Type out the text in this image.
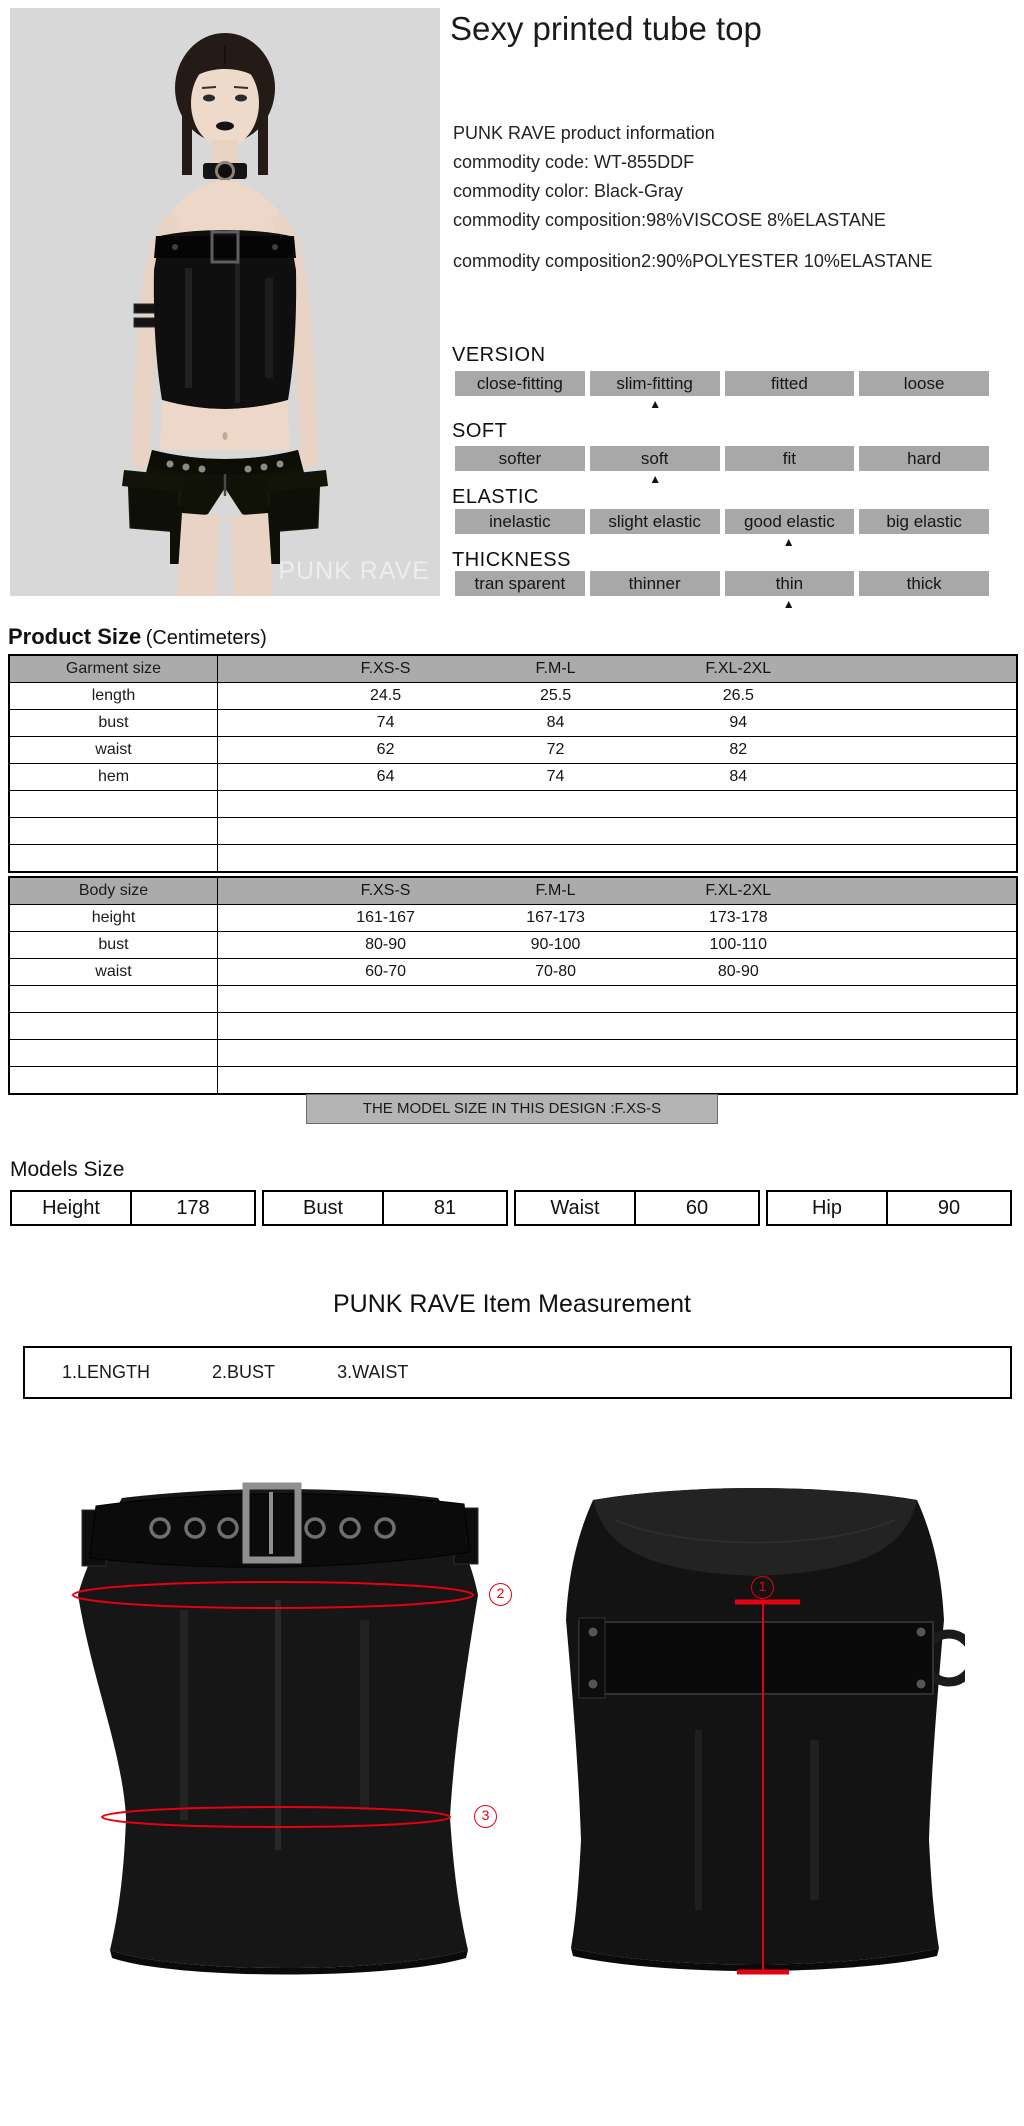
PUNK RAVE
Sexy printed tube top
PUNK RAVE product information
commodity code: WT-855DDF
commodity color: Black-Gray
commodity composition:98%VISCOSE 8%ELASTANE
commodity composition2:90%POLYESTER 10%ELASTANE
VERSION
close-fitting	slim-fitting	fitted	loose
▲
SOFT
softer	soft	fit	hard
▲
ELASTIC
inelastic	slight elastic	good elastic	big elastic
▲
THICKNESS
tran sparent	thinner	thin	thick
▲
Product Size (Centimeters)
Garment size	F.XS-S	F.M-L	F.XL-2XL
length	24.5	25.5	26.5
bust	74	84	94
waist	62	72	82
hem	64	74	84
Body size	F.XS-S	F.M-L	F.XL-2XL
height	161-167	167-173	173-178
bust	80-90	90-100	100-110
waist	60-70	70-80	80-90
THE MODEL SIZE IN THIS DESIGN :F.XS-S
Models Size
Height	178	Bust	81	Waist	60	Hip	90
PUNK RAVE Item Measurement
1.LENGTH	2.BUST	3.WAIST
1
2
3
